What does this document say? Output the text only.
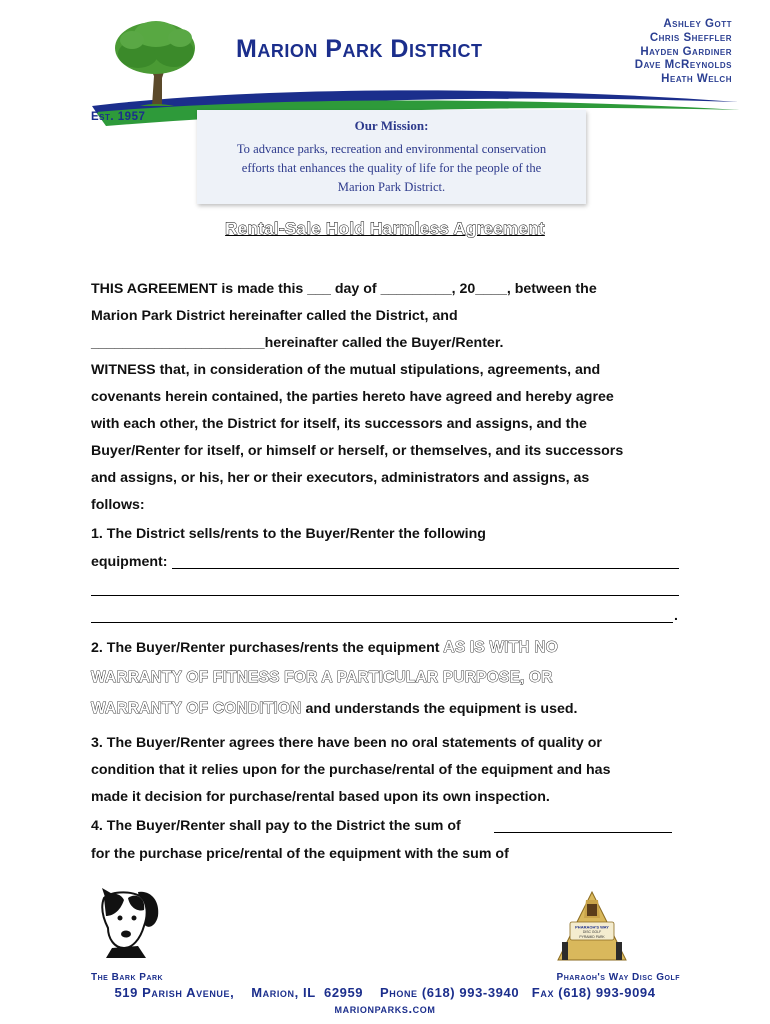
Marion Park District
Ashley Gott
Chris Sheffler
Hayden Gardiner
Dave McReynolds
Heath Welch
Est. 1957
Our Mission:
To advance parks, recreation and environmental conservation
efforts that enhances the quality of life for the people of the
Marion Park District.
Rental-Sale Hold Harmless Agreement
THIS AGREEMENT is made this ___ day of _________, 20____, between the
Marion Park District hereinafter called the District, and
______________________hereinafter called the Buyer/Renter.
WITNESS that, in consideration of the mutual stipulations, agreements, and
covenants herein contained, the parties hereto have agreed and hereby agree
with each other, the District for itself, its successors and assigns, and the
Buyer/Renter for itself, or himself or herself, or themselves, and its successors
and assigns, or his, her or their executors, administrators and assigns, as
follows:
1. The District sells/rents to the Buyer/Renter the following
equipment:
.
2. The Buyer/Renter purchases/rents the equipment AS IS WITH NO
WARRANTY OF FITNESS FOR A PARTICULAR PURPOSE, OR
WARRANTY OF CONDITION and understands the equipment is used.
3. The Buyer/Renter agrees there have been no oral statements of quality or
condition that it relies upon for the purchase/rental of the equipment and has
made it decision for purchase/rental based upon its own inspection.
4. The Buyer/Renter shall pay to the District the sum of
for the purchase price/rental of the equipment with the sum of
PHARAOH'S WAY
DISC GOLF
PYRAMID PARK
The Bark Park	Pharaoh's Way Disc Golf
519 Parish Avenue,    Marion, IL  62959    Phone (618) 993-3940   Fax (618) 993-9094
marionparks.com
